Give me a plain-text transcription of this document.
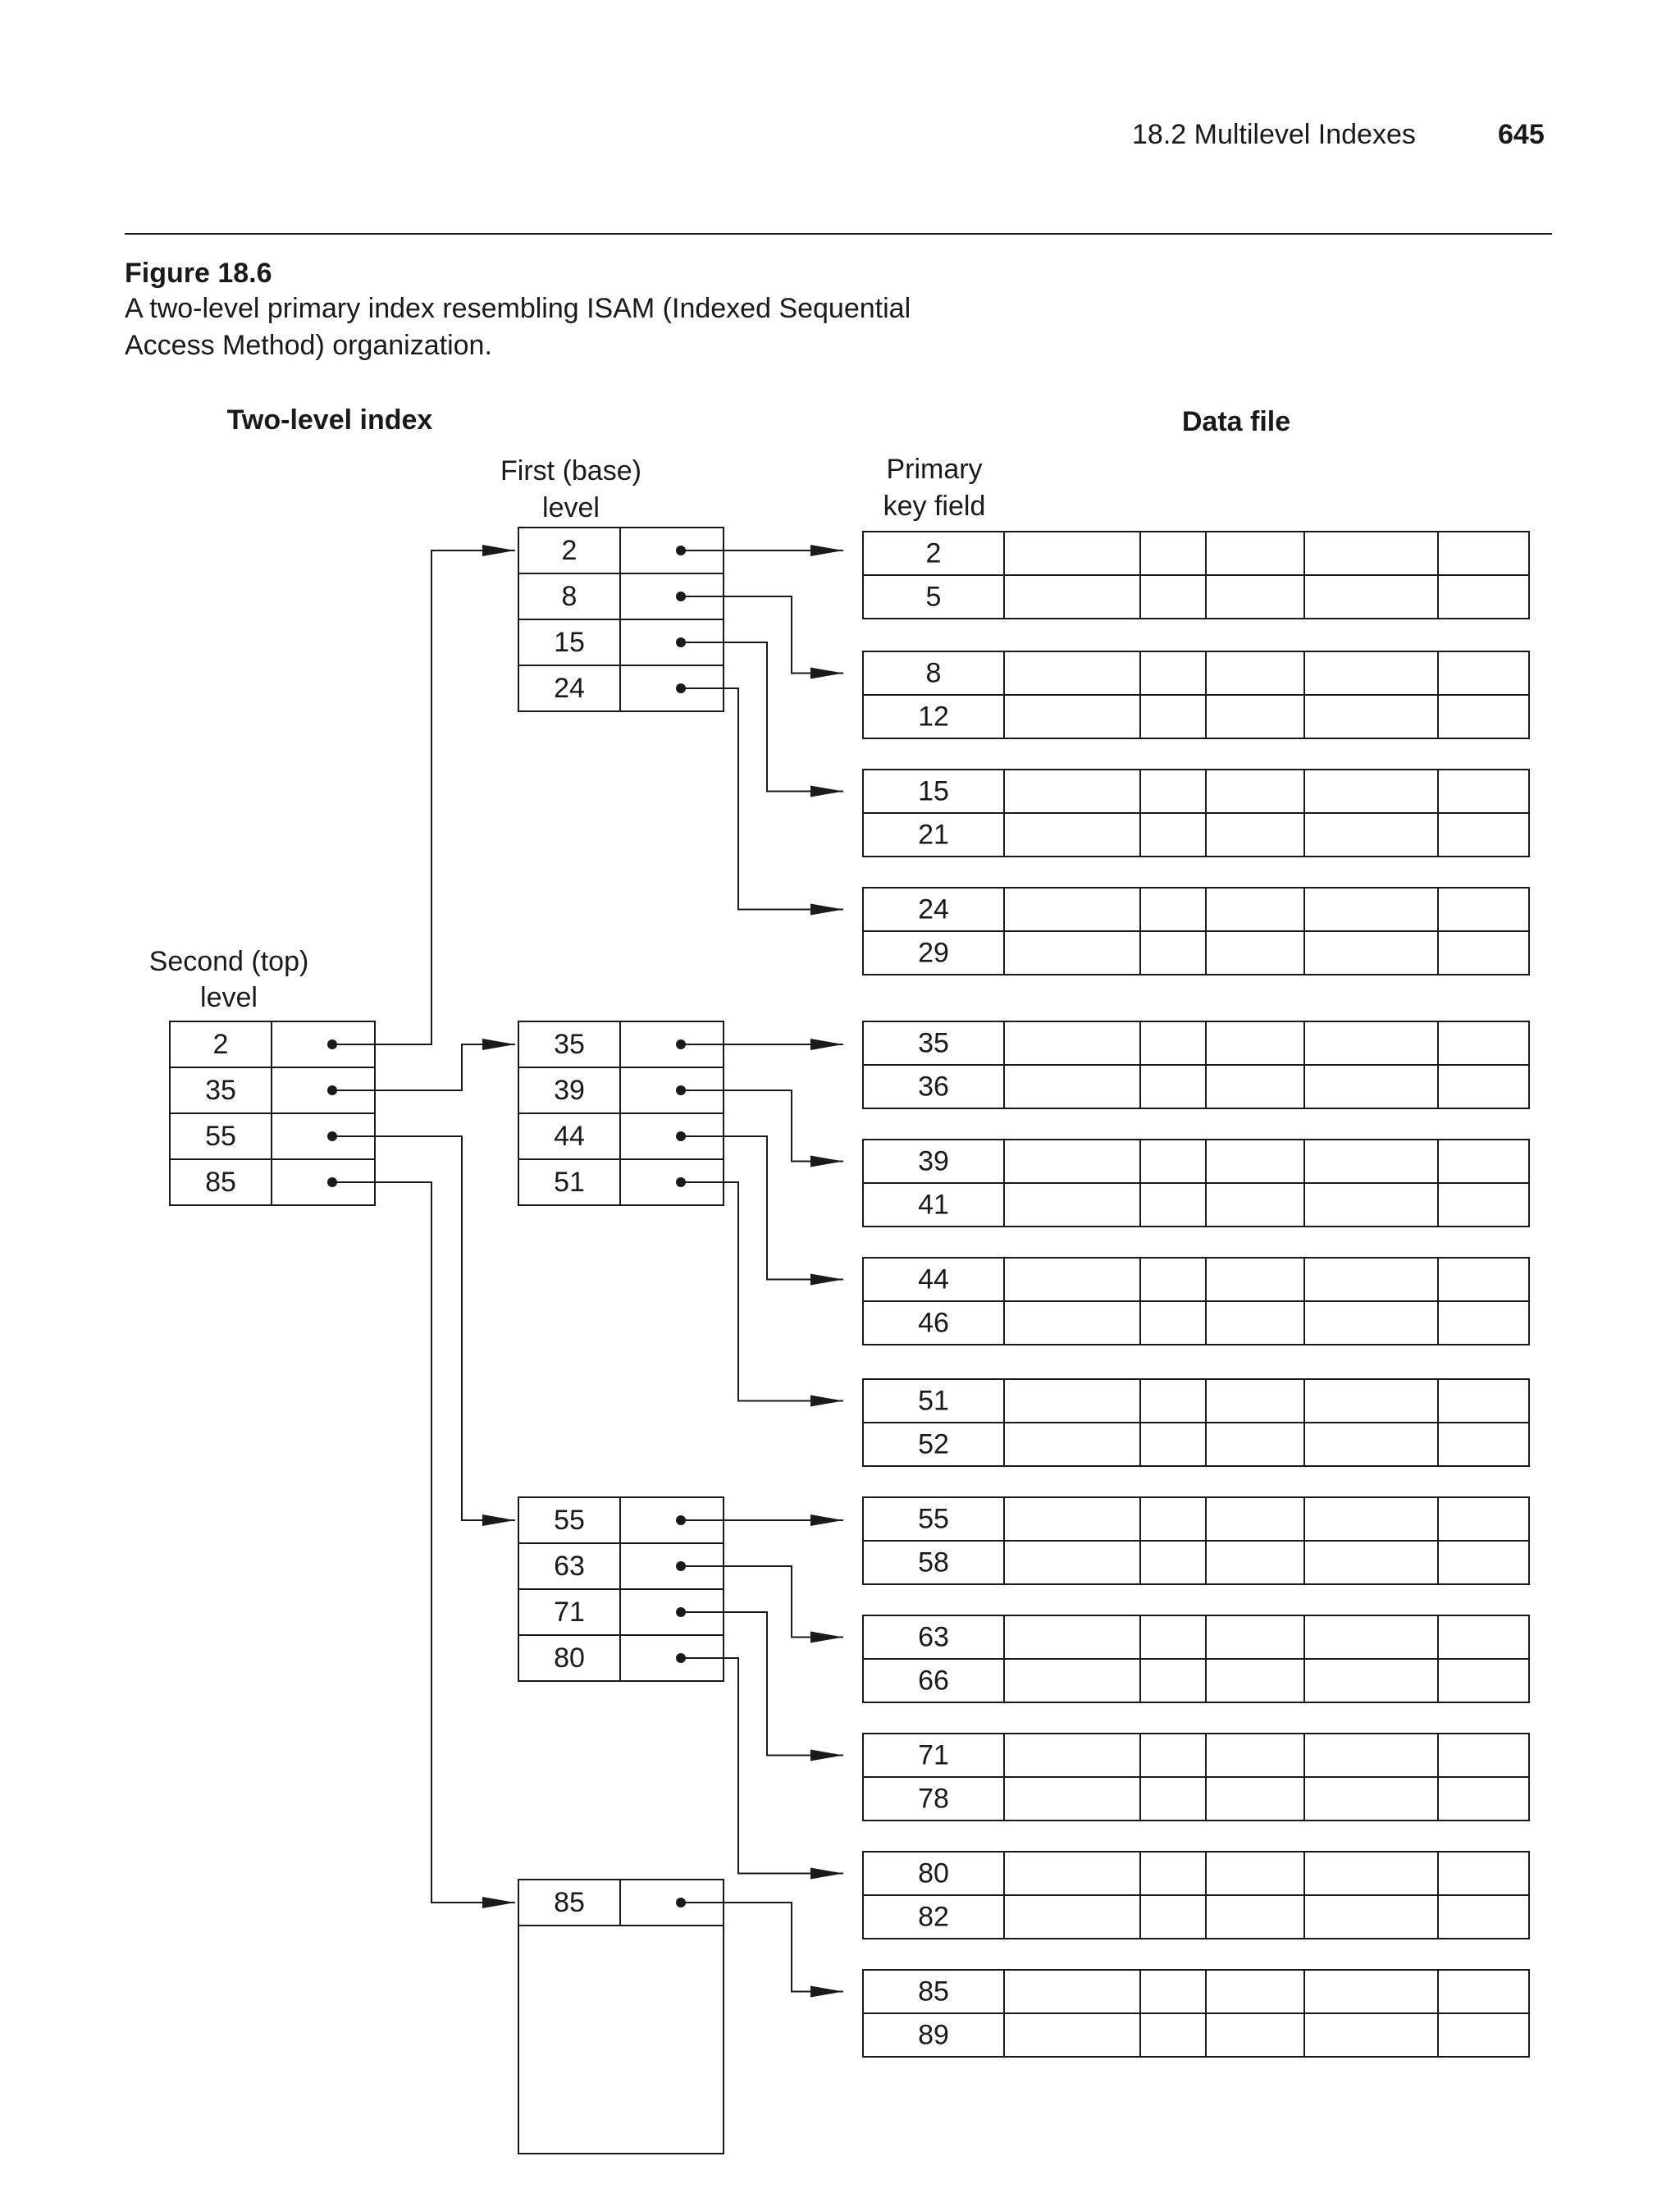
18.2 Multilevel Indexes	645
Figure 18.6
A two-level primary index resembling ISAM (Indexed Sequential Access Method) organization.
Two-level index	Data file
First (base)
level
Primary
key field
Second (top)
level
2
35
55
85
2
8
15
24
35
39
44
51
55
63
71
80
85
2
5
8
12
15
21
24
29
35
36
39
41
44
46
51
52
55
58
63
66
71
78
80
82
85
89
